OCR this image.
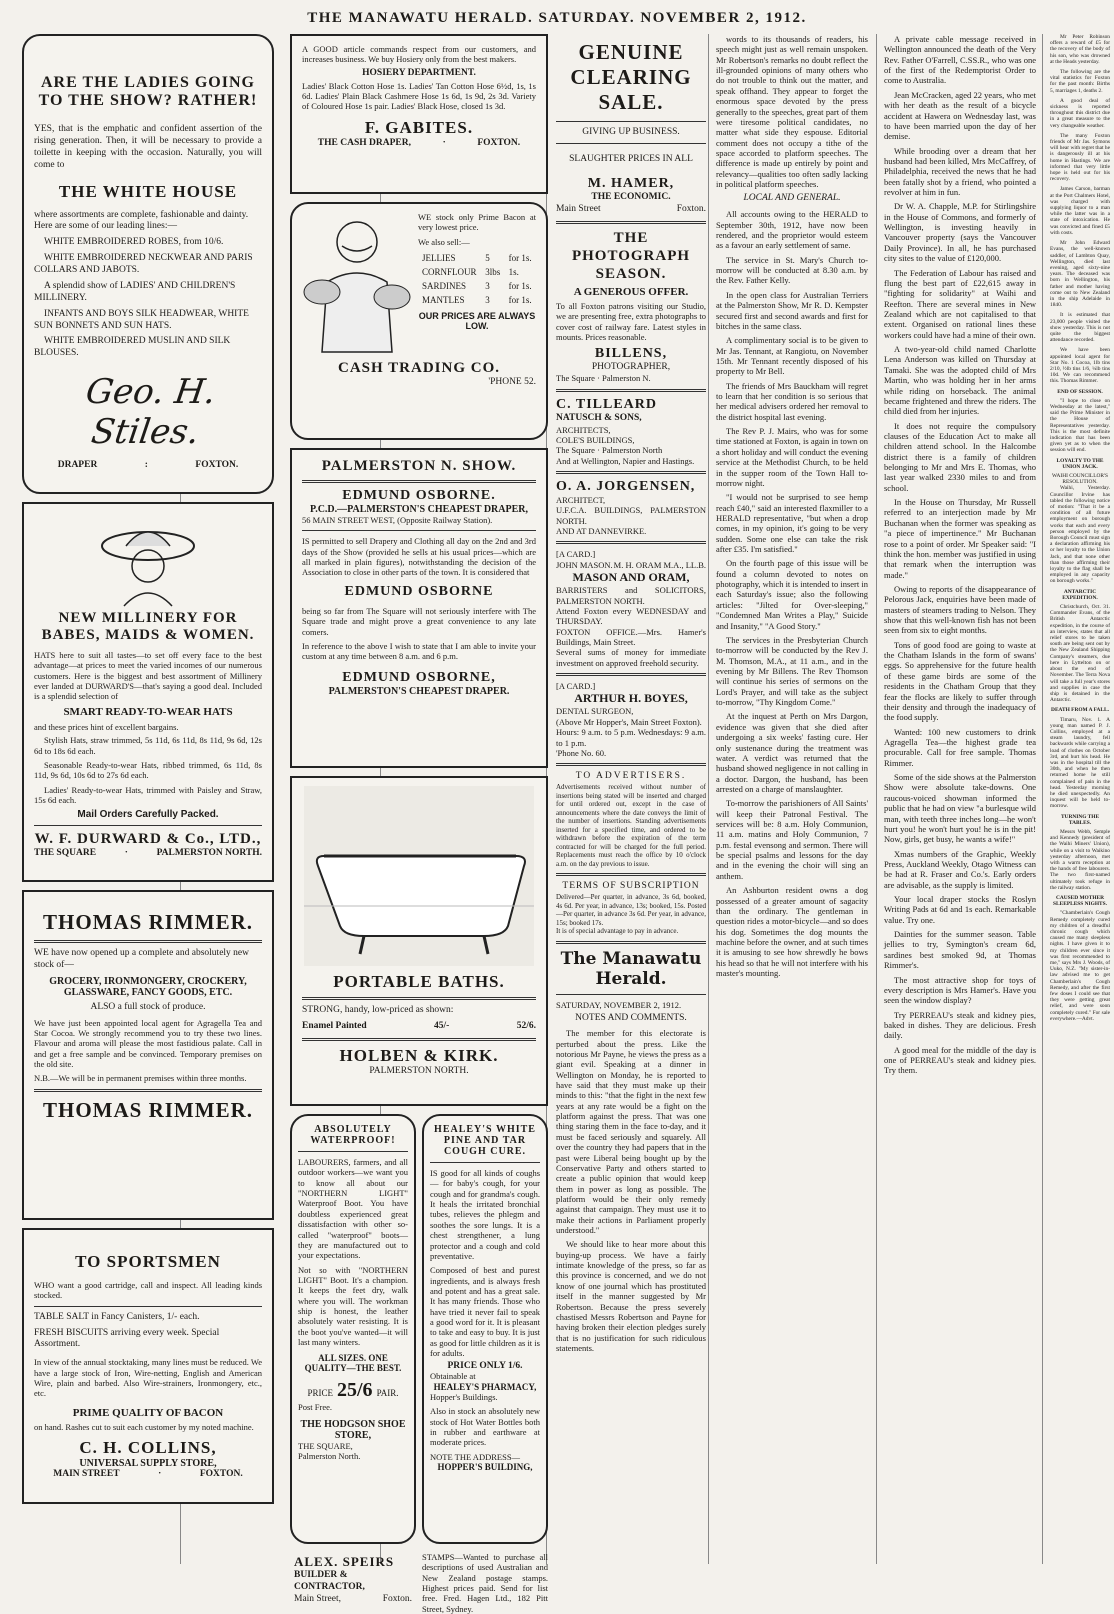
THE MANAWATU HERALD. SATURDAY. NOVEMBER 2, 1912.
ARE THE LADIES GOING TO THE SHOW? RATHER!
YES, that is the emphatic and confident assertion of the rising generation. Then, it will be necessary to provide a toilette in keeping with the occasion. Naturally, you will come to
THE WHITE HOUSE
where assortments are complete, fashionable and dainty. Here are some of our leading lines:—
WHITE EMBROIDERED ROBES, from 10/6.
WHITE EMBROIDERED NECKWEAR AND PARIS COLLARS AND JABOTS.
A splendid show of LADIES' AND CHILDREN'S MILLINERY.
INFANTS AND BOYS SILK HEADWEAR, WHITE SUN BONNETS AND SUN HATS.
WHITE EMBROIDERED MUSLIN AND SILK BLOUSES.
Geo. H. Stiles.
DRAPER	:	FOXTON.
NEW MILLINERY FOR BABES, MAIDS & WOMEN.
HATS here to suit all tastes—to set off every face to the best advantage—at prices to meet the varied incomes of our numerous customers. Here is the biggest and best assortment of Millinery ever landed at DURWARD'S—that's saying a good deal. Included is a splendid selection of
SMART READY-TO-WEAR HATS
and these prices hint of excellent bargains.
Stylish Hats, straw trimmed, 5s 11d, 6s 11d, 8s 11d, 9s 6d, 12s 6d to 18s 6d each.
Seasonable Ready-to-wear Hats, ribbed trimmed, 6s 11d, 8s 11d, 9s 6d, 10s 6d to 27s 6d each.
Ladies' Ready-to-wear Hats, trimmed with Paisley and Straw, 15s 6d each.
Mail Orders Carefully Packed.
W. F. DURWARD & Co., LTD.,
THE SQUARE	·	PALMERSTON NORTH.
THOMAS RIMMER.
WE have now opened up a complete and absolutely new stock of—
GROCERY, IRONMONGERY, CROCKERY,
GLASSWARE, FANCY GOODS, ETC.
ALSO a full stock of produce.
We have just been appointed local agent for Agragella Tea and Star Cocoa. We strongly recommend you to try these two lines. Flavour and aroma will please the most fastidious palate. Call in and get a free sample and be convinced. Temporary premises on the old site.
N.B.—We will be in permanent premises within three months.
THOMAS RIMMER.
TO SPORTSMEN
WHO want a good cartridge, call and inspect. All leading kinds stocked.
TABLE SALT in Fancy Canisters, 1/- each.
FRESH BISCUITS arriving every week. Special Assortment.
In view of the annual stocktaking, many lines must be reduced. We have a large stock of Iron, Wire-netting, English and American Wire, plain and barbed. Also Wire-strainers, Ironmongery, etc., etc.
PRIME QUALITY OF BACON
on hand. Rashes cut to suit each customer by my noted machine.
C. H. COLLINS,
UNIVERSAL SUPPLY STORE,
MAIN STREET	·	FOXTON.
A GOOD article commands respect from our customers, and increases business. We buy Hosiery only from the best makers.
HOSIERY DEPARTMENT.
Ladies' Black Cotton Hose 1s. Ladies' Tan Cotton Hose 6½d, 1s, 1s 6d. Ladies' Plain Black Cashmere Hose 1s 6d, 1s 9d, 2s 3d. Variety of Coloured Hose 1s pair. Ladies' Black Hose, closed 1s 3d.
F. GABITES.
THE CASH DRAPER,	·	FOXTON.
WE stock only Prime Bacon at very lowest price.
We also sell:—
JELLIES	5	for 1s.
CORNFLOUR	3lbs	1s.
SARDINES	3	for 1s.
MANTLES	3	for 1s.
OUR PRICES ARE ALWAYS LOW.
CASH TRADING CO.
'PHONE 52.
PALMERSTON N. SHOW.
EDMUND OSBORNE.
P.C.D.—PALMERSTON'S CHEAPEST DRAPER,
56 MAIN STREET WEST, (Opposite Railway Station).
IS permitted to sell Drapery and Clothing all day on the 2nd and 3rd days of the Show (provided he sells at his usual prices—which are all marked in plain figures), notwithstanding the decision of the Association to close in other parts of the town. It is considered that
EDMUND OSBORNE
being so far from The Square will not seriously interfere with The Square trade and might prove a great convenience to any late comers.
In reference to the above I wish to state that I am able to invite your custom at any time between 8 a.m. and 6 p.m.
EDMUND OSBORNE,
PALMERSTON'S CHEAPEST DRAPER.
PORTABLE BATHS.
STRONG, handy, low-priced as shown:
Enamel Painted	45/-	52/6.
HOLBEN & KIRK.
PALMERSTON NORTH.
ABSOLUTELY WATERPROOF!
LABOURERS, farmers, and all outdoor workers—we want you to know all about our "NORTHERN LIGHT" Waterproof Boot. You have doubtless experienced great dissatisfaction with other so-called "waterproof" boots—they are manufactured out to your expectations.
Not so with "NORTHERN LIGHT" Boot. It's a champion. It keeps the feet dry, walk where you will. The workman ship is honest, the leather absolutely water resisting. It is the boot you've wanted—it will last many winters.
ALL SIZES. ONE QUALITY—THE BEST.
PRICE 25/6 PAIR.
Post Free.
THE HODGSON SHOE STORE,
THE SQUARE,
Palmerston North.
HEALEY'S WHITE PINE AND TAR COUGH CURE.
IS good for all kinds of coughs — for baby's cough, for your cough and for grandma's cough. It heals the irritated bronchial tubes, relieves the phlegm and soothes the sore lungs. It is a chest strengthener, a lung protector and a cough and cold preventative.
Composed of best and purest ingredients, and is always fresh and potent and has a great sale. It has many friends. Those who have tried it never fail to speak a good word for it. It is pleasant to take and easy to buy. It is just as good for little children as it is for adults.
PRICE ONLY 1/6.
Obtainable at
HEALEY'S PHARMACY,
Hopper's Buildings.
Also in stock an absolutely new stock of Hot Water Bottles both in rubber and earthware at moderate prices.
NOTE THE ADDRESS—
HOPPER'S BUILDING,
ALEX. SPEIRS
BUILDER & CONTRACTOR,
Main Street,	Foxton.
STAMPS—Wanted to purchase all descriptions of used Australian and New Zealand postage stamps. Highest prices paid. Send for list free. Fred. Hagen Ltd., 182 Pitt Street, Sydney.
GENUINE CLEARING SALE.
GIVING UP BUSINESS.
SLAUGHTER PRICES IN ALL
M. HAMER,
THE ECONOMIC.
Main Street	Foxton.
THE PHOTOGRAPH SEASON.
A GENEROUS OFFER.
To all Foxton patrons visiting our Studio, we are presenting free, extra photographs to cover cost of railway fare. Latest styles in mounts. Prices reasonable.
BILLENS,
PHOTOGRAPHER,
The Square · Palmerston N.
C. TILLEARD
NATUSCH & SONS,
ARCHITECTS,
COLE'S BUILDINGS,
The Square · Palmerston North
And at Wellington, Napier and Hastings.
O. A. JORGENSEN,
ARCHITECT,
U.F.C.A. BUILDINGS, PALMERSTON NORTH.
AND AT DANNEVIRKE.
[A CARD.]
JOHN MASON. M. H. ORAM M.A., LL.B.
MASON AND ORAM,
BARRISTERS and SOLICITORS, PALMERSTON NORTH.
Attend Foxton every WEDNESDAY and THURSDAY.
FOXTON OFFICE.—Mrs. Hamer's Buildings, Main Street.
Several sums of money for immediate investment on approved freehold security.
[A CARD.]
ARTHUR H. BOYES,
DENTAL SURGEON,
(Above Mr Hopper's, Main Street Foxton).
Hours: 9 a.m. to 5 p.m. Wednesdays: 9 a.m. to 1 p.m.
'Phone No. 60.
TO ADVERTISERS.
Advertisements received without number of insertions being stated will be inserted and charged for until ordered out, except in the case of announcements where the date conveys the limit of the number of insertions. Standing advertisements inserted for a specified time, and ordered to be withdrawn before the expiration of the term contracted for will be charged for the full period. Replacements must reach the office by 10 o'clock a.m. on the day previous to issue.
TERMS OF SUBSCRIPTION
Delivered—Per quarter, in advance, 3s 6d, booked, 4s 6d. Per year, in advance, 13s; booked, 15s. Posted—Per quarter, in advance 3s 6d. Per year, in advance, 15s; booked 17s.
It is of special advantage to pay in advance.
The Manawatu Herald.
SATURDAY, NOVEMBER 2, 1912.
NOTES AND COMMENTS.
The member for this electorate is perturbed about the press. Like the notorious Mr Payne, he views the press as a giant evil. Speaking at a dinner in Wellington on Monday, he is reported to have said that they must make up their minds to this: "that the fight in the next few years at any rate would be a fight on the platform against the press. That was one thing staring them in the face to-day, and it must be faced seriously and squarely. All over the country they had papers that in the past were Liberal being bought up by the Conservative Party and others started to create a public opinion that would keep them in power as long as possible. The platform would be their only remedy against that campaign. They must use it to make their actions in Parliament properly understood."
We should like to hear more about this buying-up process. We have a fairly intimate knowledge of the press, so far as this province is concerned, and we do not know of one journal which has prostituted itself in the manner suggested by Mr Robertson. Because the press severely chastised Messrs Robertson and Payne for having broken their election pledges surely that is no justification for such ridiculous statements.
words to its thousands of readers, his speech might just as well remain unspoken. Mr Robertson's remarks no doubt reflect the ill-grounded opinions of many others who do not trouble to think out the matter, and speak offhand. They appear to forget the enormous space devoted by the press generally to the speeches, great part of them were tiresome political candidates, no matter what side they espouse. Editorial comment does not occupy a tithe of the space accorded to platform speeches. The difference is made up entirely by point and relevancy—qualities too often sadly lacking in political platform speeches.
LOCAL AND GENERAL.
All accounts owing to the HERALD to September 30th, 1912, have now been rendered, and the proprietor would esteem as a favour an early settlement of same.
The service in St. Mary's Church to-morrow will be conducted at 8.30 a.m. by the Rev. Father Kelly.
In the open class for Australian Terriers at the Palmerston Show, Mr R. D. Kempster secured first and second awards and first for bitches in the same class.
A complimentary social is to be given to Mr Jas. Tennant, at Rangiotu, on November 15th. Mr Tennant recently disposed of his property to Mr Bell.
The friends of Mrs Bauckham will regret to learn that her condition is so serious that her medical advisers ordered her removal to the district hospital last evening.
The Rev P. J. Mairs, who was for some time stationed at Foxton, is again in town on a short holiday and will conduct the evening service at the Methodist Church, to be held in the supper room of the Town Hall to-morrow night.
"I would not be surprised to see hemp reach £40," said an interested flaxmiller to a HERALD representative, "but when a drop comes, in my opinion, it's going to be very sudden. Some one else can take the risk after £35. I'm satisfied."
On the fourth page of this issue will be found a column devoted to notes on photography, which it is intended to insert in each Saturday's issue; also the following articles: "Jilted for Over-sleeping," "Condemned Man Writes a Play," Suicide and Insanity," "A Good Story."
The services in the Presbyterian Church to-morrow will be conducted by the Rev J. M. Thomson, M.A., at 11 a.m., and in the evening by Mr Billens. The Rev Thomson will continue his series of sermons on the Lord's Prayer, and will take as the subject to-morrow, "Thy Kingdom Come."
At the inquest at Perth on Mrs Dargon, evidence was given that she died after undergoing a six weeks' fasting cure. Her only sustenance during the treatment was water. A verdict was returned that the husband showed negligence in not calling in a doctor. Dargon, the husband, has been arrested on a charge of manslaughter.
To-morrow the parishioners of All Saints' will keep their Patronal Festival. The services will be: 8 a.m. Holy Communion, 11 a.m. matins and Holy Communion, 7 p.m. festal evensong and sermon. There will be special psalms and lessons for the day and in the evening the choir will sing an anthem.
An Ashburton resident owns a dog possessed of a greater amount of sagacity than the ordinary. The gentleman in question rides a motor-bicycle—and so does his dog. Sometimes the dog mounts the machine before the owner, and at such times it is amusing to see how shrewdly he bows his head so that he will not interfere with his master's mounting.
A private cable message received in Wellington announced the death of the Very Rev. Father O'Farrell, C.SS.R., who was one of the first of the Redemptorist Order to come to Australia.
Jean McCracken, aged 22 years, who met with her death as the result of a bicycle accident at Hawera on Wednesday last, was to have been married upon the day of her demise.
While brooding over a dream that her husband had been killed, Mrs McCaffrey, of Philadelphia, received the news that he had been fatally shot by a friend, who pointed a revolver at him in fun.
Dr W. A. Chapple, M.P. for Stirlingshire in the House of Commons, and formerly of Wellington, is investing heavily in Vancouver property (says the Vancouver Daily Province). In all, he has purchased city sites to the value of £120,000.
The Federation of Labour has raised and flung the best part of £22,615 away in "fighting for solidarity" at Waihi and Reefton. There are several mines in New Zealand which are not capitalised to that extent. Organised on rational lines these workers could have had a mine of their own.
A two-year-old child named Charlotte Lena Anderson was killed on Thursday at Tamaki. She was the adopted child of Mrs Martin, who was holding her in her arms while riding on horseback. The animal became frightened and threw the riders. The child died from her injuries.
It does not require the compulsory clauses of the Education Act to make all children attend school. In the Halcombe district there is a family of children belonging to Mr and Mrs E. Thomas, who last year walked 2330 miles to and from school.
In the House on Thursday, Mr Russell referred to an interjection made by Mr Buchanan when the former was speaking as "a piece of impertinence." Mr Buchanan rose to a point of order. Mr Speaker said: "I think the hon. member was justified in using that remark when the interruption was made."
Owing to reports of the disappearance of Pelorous Jack, enquiries have been made of masters of steamers trading to Nelson. They show that this well-known fish has not been seen from six to eight months.
Tons of good food are going to waste at the Chatham Islands in the form of swans' eggs. So apprehensive for the future health of these game birds are some of the residents in the Chatham Group that they fear the flocks are likely to suffer through their density and through the inadequacy of the food supply.
Wanted: 100 new customers to drink Agragella Tea—the highest grade tea procurable. Call for free sample. Thomas Rimmer.
Some of the side shows at the Palmerston Show were absolute take-downs. One raucous-voiced showman informed the public that he had on view "a burlesque wild man, with teeth three inches long—he won't hurt you! he won't hurt you! he is in the pit! Now, girls, get busy, he wants a wife!"
Xmas numbers of the Graphic, Weekly Press, Auckland Weekly, Otago Witness can be had at R. Fraser and Co.'s. Early orders are advisable, as the supply is limited.
Your local draper stocks the Roslyn Writing Pads at 6d and 1s each. Remarkable value. Try one.
Dainties for the summer season. Table jellies to try, Symington's cream 6d, sardines best smoked 9d, at Thomas Rimmer's.
The most attractive shop for toys of every description is Mrs Hamer's. Have you seen the window display?
Try PERREAU's steak and kidney pies, baked in dishes. They are delicious. Fresh daily.
A good meal for the middle of the day is one of PERREAU's steak and kidney pies. Try them.
Mr Peter Robinson offers a reward of £5 for the recovery of the body of his son, who was drowned at the Heads yesterday.
The following are the vital statistics for Foxton for the past month: Births 5, marriages 1, deaths 2.
A good deal of sickness is reported throughout this district due in a great measure to the very changeable weather.
The many Foxton friends of Mr Jas. Symons will hear with regret that he is dangerously ill at his home in Hastings. We are informed that very little hope is held out for his recovery.
James Carson, barman at the Port Chalmers Hotel, was charged with supplying liquor to a man while the latter was in a state of intoxication. He was convicted and fined £5 with costs.
Mr John Edward Evans, the well-known saddler, of Lambton Quay, Wellington, died last evening, aged sixty-nine years. The deceased was born in Wellington, his father and mother having come out to New Zealand in the ship Adelaide in 1840.
It is estimated that 23,000 people visited the show yesterday. This is not quite the biggest attendance recorded.
We have been appointed local agent for Star No. 1 Cocoa, 1lb tins 2/10, ½lb tins 1/6, ¼lb tins 10d. We can recommend this. Thomas Rimmer.
END OF SESSION.
"I hope to close on Wednesday at the latest," said the Prime Minister in the House of Representatives yesterday. This is the most definite indication that has been given yet as to when the session will end.
LOYALTY TO THE UNION JACK.
WAIHI COUNCILLOR'S RESOLUTION.
Waihi, Yesterday. Councillor Irvine has tabled the following notice of motion: "That it be a condition of all future employment on borough works that each and every person employed by the Borough Council must sign a declaration affirming his or her loyalty to the Union Jack, and that none other than those affirming their loyalty to the flag shall be employed in any capacity on borough works."
ANTARCTIC EXPEDITION.
Christchurch, Oct. 31. Commander Evans, of the British Antarctic expedition, in the course of an interview, states that all relief stores to be taken south are being sent out by the New Zealand Shipping Company's steamers, due here in Lyttelton on or about the end of November. The Terra Nova will take a full year's stores and supplies in case the ship is detained in the Antarctic.
DEATH FROM A FALL.
Timaru, Nov. 1. A young man named P. J. Collins, employed at a steam laundry, fell backwards while carrying a load of clothes on October 3rd, and hurt his head. He was in the hospital till the 30th, and when he then returned home he still complained of pain in the head. Yesterday morning he died unexpectedly. An inquest will be held to-morrow.
TURNING THE TABLES.
Messrs Webb, Semple and Kennedy (president of the Waihi Miners' Union), while on a visit to Waikino yesterday afternoon, met with a warm reception at the hands of free labourers. The two first-named ultimately took refuge in the railway station.
CAUSED MOTHER SLEEPLESS NIGHTS.
"Chamberlain's Cough Remedy completely cured my children of a dreadful chronic cough which caused me many sleepless nights. I have given it to my children ever since it was first recommended to me," says Mrs J. Woods, of Uuko, N.Z. "My sister-in-law advised me to get Chamberlain's Cough Remedy, and after the first few doses I could see that they were getting great relief, and were soon completely cured." For sale everywhere.—Advt.
